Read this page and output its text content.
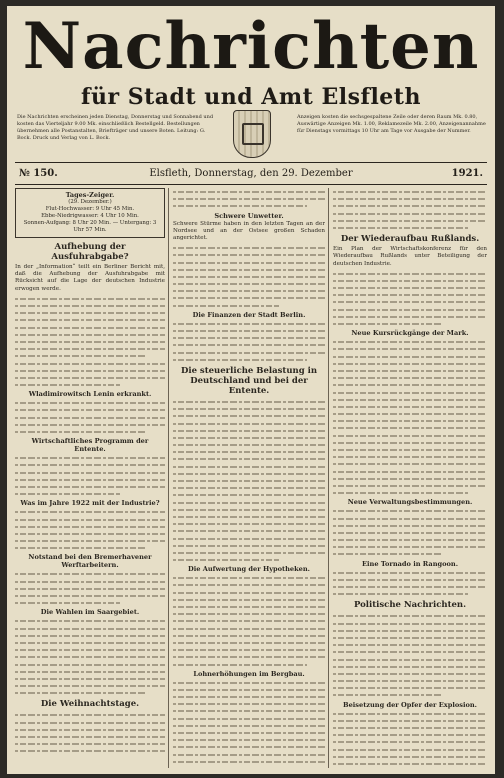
Nachrichten
für Stadt und Amt Elsfleth
Die Nachrichten erscheinen jeden Dienstag, Donnerstag und Sonnabend und kosten das Vierteljahr 9.00 Mk. einschließlich Bestellgeld. Bestellungen übernehmen alle Postanstalten, Briefträger und unsere Boten. Leitung: G. Bock. Druck und Verlag von L. Bock.
Anzeigen kosten die sechsgespaltene Zeile oder deren Raum Mk. 0.80, Auswärtige Anzeigen Mk. 1.00, Reklamezeile Mk. 2.00, Anzeigenannahme für Dienstags vormittags 10 Uhr am Tage vor Ausgabe der Nummer.
№ 150.	Elsfleth, Donnerstag, den 29. Dezember	1921.
Tages-Zeiger.
(29. Dezember.)
Flut-Hochwasser: 9 Uhr 45 Min.
Ebbe-Niedrigwasser: 4 Uhr 10 Min.
Sonnen-Aufgang: 8 Uhr 20 Min. — Untergang: 3 Uhr 57 Min.
Aufhebung der Ausfuhrabgabe?
In der „Information“ teilt ein Berliner Bericht mit, daß die Aufhebung der Ausfuhrabgabe mit Rücksicht auf die Lage der deutschen Industrie erwogen werde.
Wladimirowitsch Lenin erkrankt.
Wirtschaftliches Programm der Entente.
Was im Jahre 1922 mit der Industrie?
Notstand bei den Bremerhavener Werftarbeitern.
Die Wahlen im Saargebiet.
Die Weihnachtstage.
Schwere Unwetter.
Schwere Stürme haben in den letzten Tagen an der Nordsee und an der Ostsee großen Schaden angerichtet.
Die Finanzen der Stadt Berlin.
Die steuerliche Belastung in Deutschland und bei der Entente.
Die Aufwertung der Hypotheken.
Lohnerhöhungen im Bergbau.
Der Wiederaufbau Rußlands.
Ein Plan der Wirtschaftskonferenz für den Wiederaufbau Rußlands unter Beteiligung der deutschen Industrie.
Neue Kursrückgänge der Mark.
Neue Verwaltungsbestimmungen.
Eine Tornado in Rangoon.
Politische Nachrichten.
Beisetzung der Opfer der Explosion.
